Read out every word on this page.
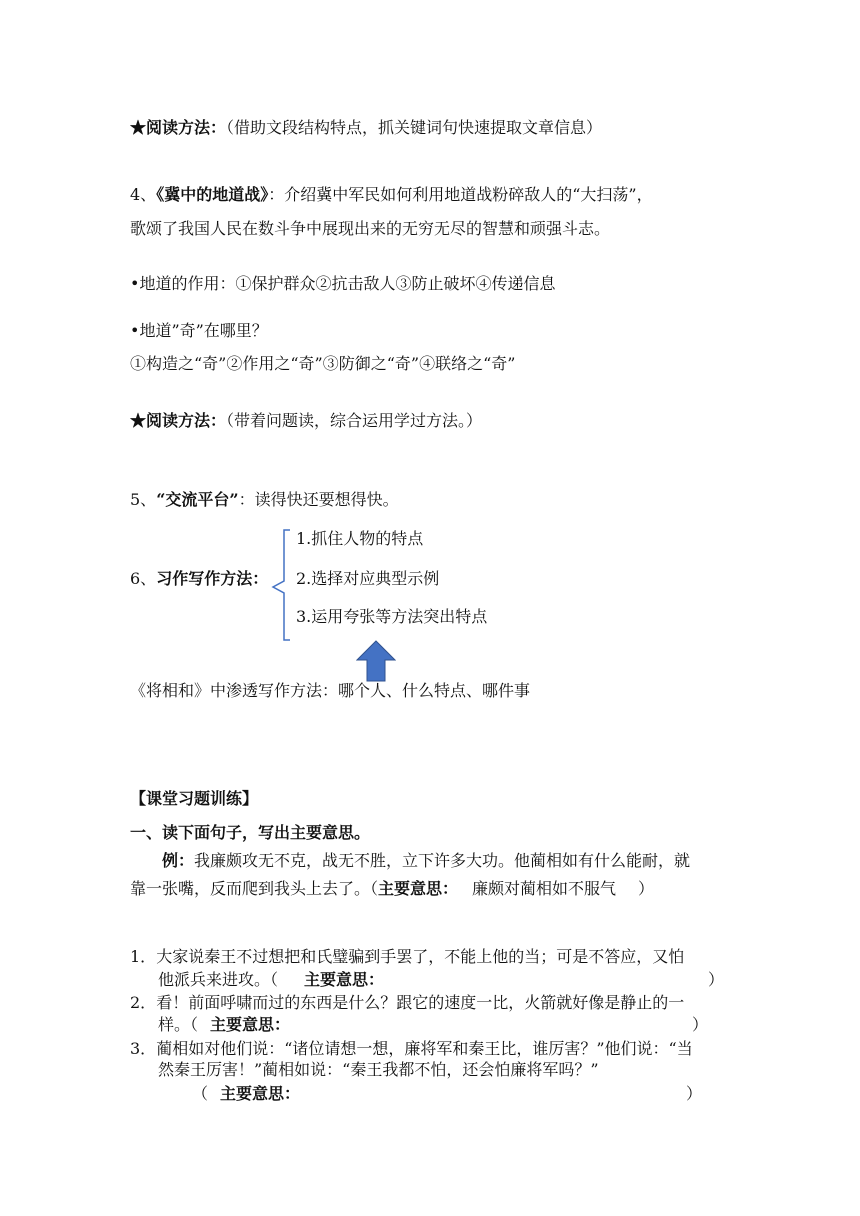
★阅读方法：（借助文段结构特点，抓关键词句快速提取文章信息）
4、《冀中的地道战》：介绍冀中军民如何利用地道战粉碎敌人的“大扫荡”，
歌颂了我国人民在数斗争中展现出来的无穷无尽的智慧和顽强斗志。
•地道的作用：①保护群众②抗击敌人③防止破坏④传递信息
•地道”奇”在哪里？
①构造之“奇”②作用之“奇”③防御之“奇”④联络之“奇”
★阅读方法：（带着问题读，综合运用学过方法。）
5、“交流平台”：读得快还要想得快。
6、习作写作方法：
1.抓住人物的特点
2.选择对应典型示例
3.运用夸张等方法突出特点
《将相和》中渗透写作方法：哪个人、什么特点、哪件事
【课堂习题训练】
一、读下面句子，写出主要意思。
例：我廉颇攻无不克，战无不胜，立下许多大功。他蔺相如有什么能耐，就
靠一张嘴，反而爬到我头上去了。（主要意思： 廉颇对蔺相如不服气 ）
1．大家说秦王不过想把和氏璧骗到手罢了，不能上他的当；可是不答应，又怕
他派兵来进攻。（ 主要意思：	）
2．看！前面呼啸而过的东西是什么？跟它的速度一比，火箭就好像是静止的一
样。（ 主要意思：	）
3．蔺相如对他们说：“诸位请想一想，廉将军和秦王比，谁厉害？”他们说：“当
然秦王厉害！”蔺相如说：“秦王我都不怕，还会怕廉将军吗？”
（ 主要意思：	）
